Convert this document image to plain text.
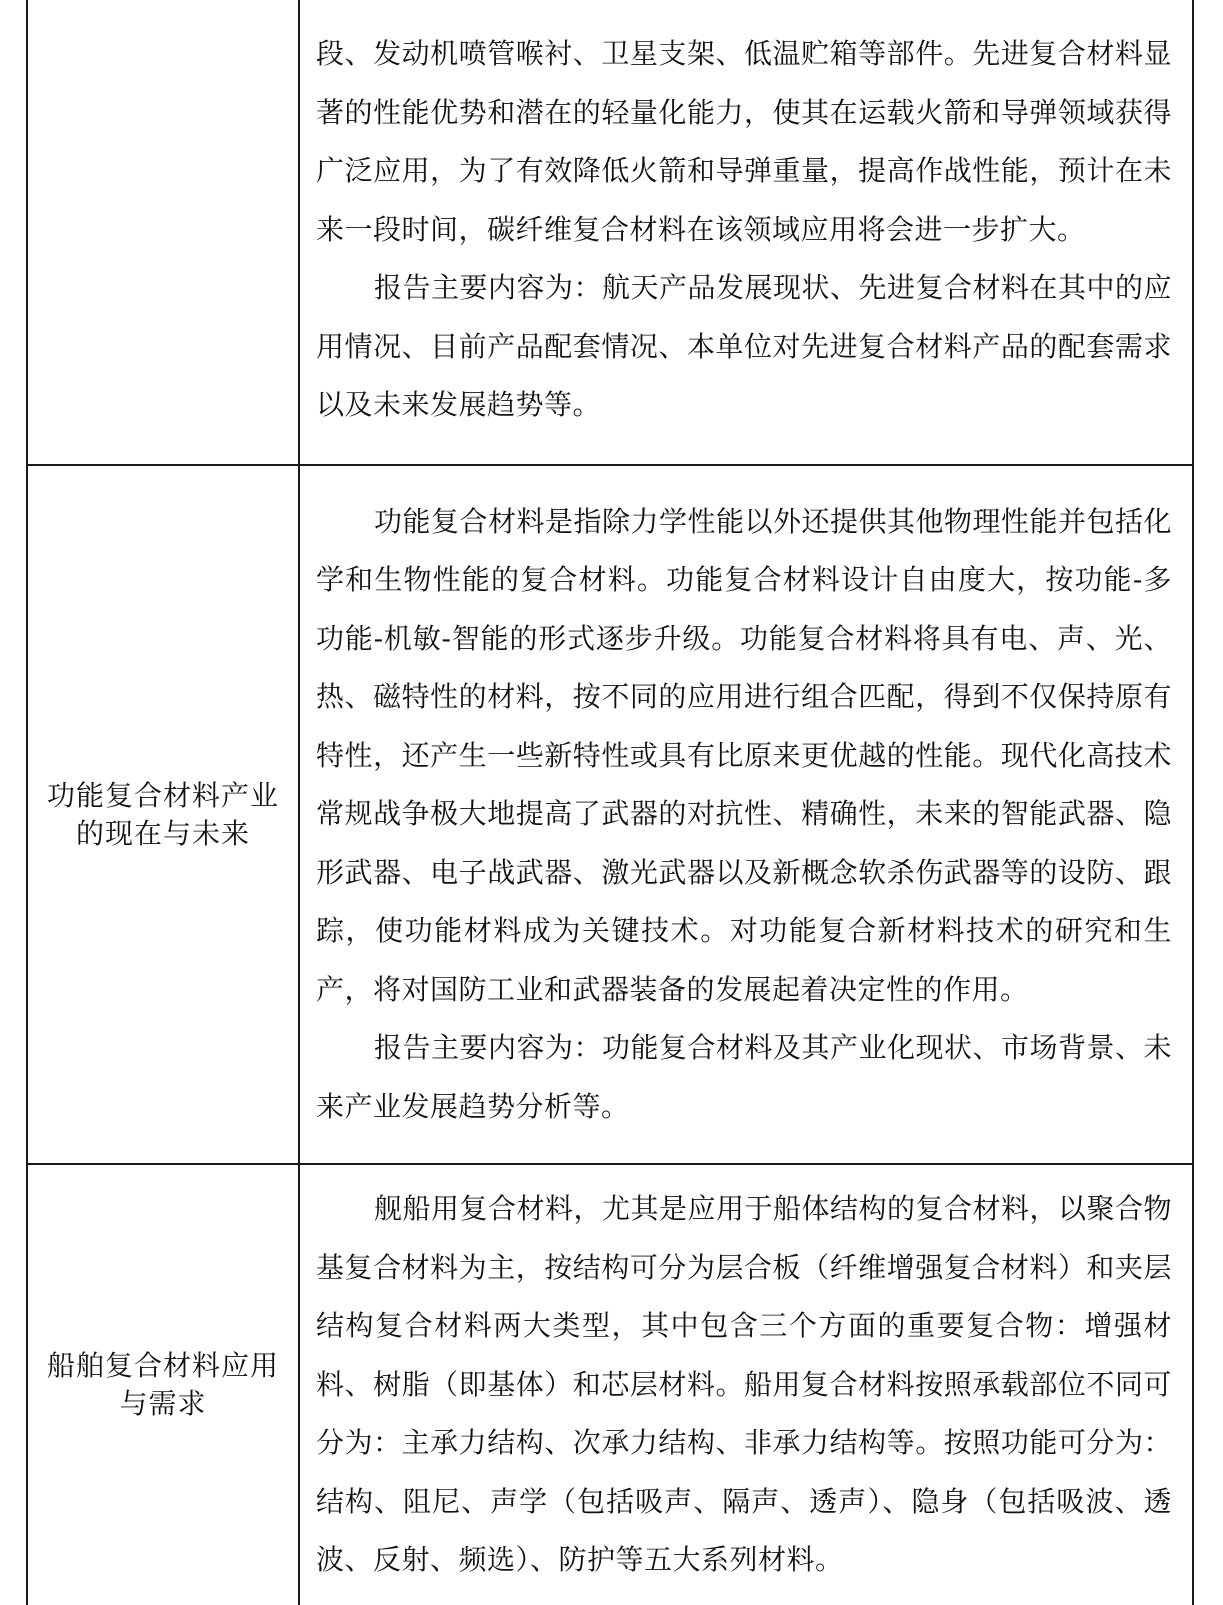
	段、发动机喷管喉衬、卫星支架、低温贮箱等部件。先进复合材料显著的性能优势和潜在的轻量化能力，使其在运载火箭和导弹领域获得广泛应用，为了有效降低火箭和导弹重量，提高作战性能，预计在未来一段时间，碳纤维复合材料在该领域应用将会进一步扩大。

报告主要内容为：航天产品发展现状、先进复合材料在其中的应用情况、目前产品配套情况、本单位对先进复合材料产品的配套需求以及未来发展趋势等。

功能复合材料产业的现在与未来	功能复合材料是指除力学性能以外还提供其他物理性能并包括化学和生物性能的复合材料。功能复合材料设计自由度大，按功能-多功能-机敏-智能的形式逐步升级。功能复合材料将具有电、声、光、热、磁特性的材料，按不同的应用进行组合匹配，得到不仅保持原有特性，还产生一些新特性或具有比原来更优越的性能。现代化高技术常规战争极大地提高了武器的对抗性、精确性，未来的智能武器、隐形武器、电子战武器、激光武器以及新概念软杀伤武器等的设防、跟踪，使功能材料成为关键技术。对功能复合新材料技术的研究和生产，将对国防工业和武器装备的发展起着决定性的作用。

报告主要内容为：功能复合材料及其产业化现状、市场背景、未来产业发展趋势分析等。

船舶复合材料应用与需求	舰船用复合材料，尤其是应用于船体结构的复合材料，以聚合物基复合材料为主，按结构可分为层合板（纤维增强复合材料）和夹层结构复合材料两大类型，其中包含三个方面的重要复合物：增强材料、树脂（即基体）和芯层材料。船用复合材料按照承载部位不同可分为：主承力结构、次承力结构、非承力结构等。按照功能可分为：结构、阻尼、声学（包括吸声、隔声、透声）、隐身（包括吸波、透波、反射、频选）、防护等五大系列材料。
